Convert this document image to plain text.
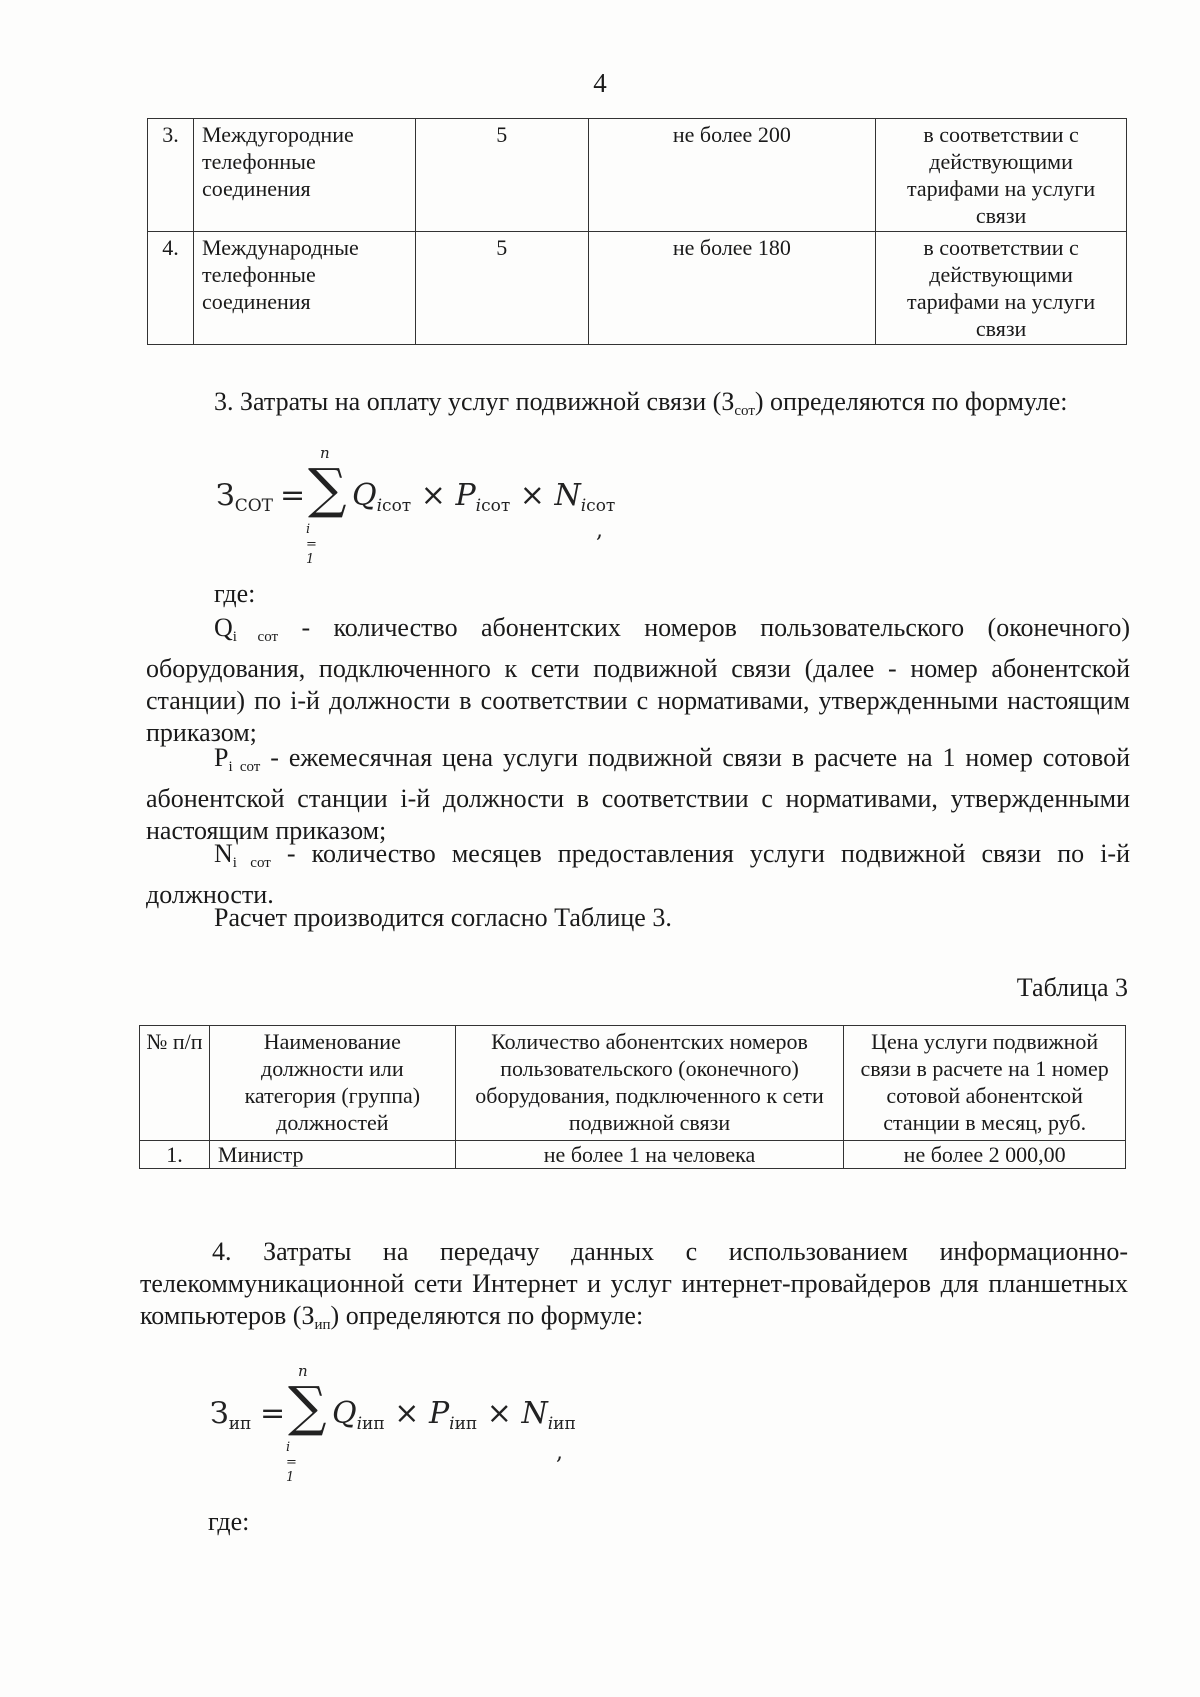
4
3.	Междугородние телефонные соединения	5	не более 200	в соответствии с действующими тарифами на услуги связи
4.	Международные телефонные соединения	5	не более 180	в соответствии с действующими тарифами на услуги связи
3. Затраты на оплату услуг подвижной связи (Зсот) определяются по формуле:
$З_{СОТ}$ =
n
∑
i = 1
$Q_{iсот} \times P_{iсот} \times N_{iсот}$
,
где:
Qi сот - количество абонентских номеров пользовательского (оконечного) оборудования, подключенного к сети подвижной связи (далее - номер абонентской станции) по i-й должности в соответствии с нормативами, утвержденными настоящим приказом;
Pi сот - ежемесячная цена услуги подвижной связи в расчете на 1 номер сотовой абонентской станции i-й должности в соответствии с нормативами, утвержденными настоящим приказом;
Ni сот - количество месяцев предоставления услуги подвижной связи по i-й должности.
Расчет производится согласно Таблице 3.
Таблица 3
№ п/п	Наименование должности или категория (группа) должностей	Количество абонентских номеров пользовательского (оконечного) оборудования, подключенного к сети подвижной связи	Цена услуги подвижной связи в расчете на 1 номер сотовой абонентской станции в месяц, руб.
1.	Министр	не более 1 на человека	не более 2 000,00
4. Затраты на передачу данных с использованием информационно-телекоммуникационной сети Интернет и услуг интернет-провайдеров для планшетных компьютеров (Зип) определяются по формуле:
$З_{ип}$ =
n
∑
i = 1
$Q_{iип} \times P_{iип} \times N_{iип}$
,
где:
